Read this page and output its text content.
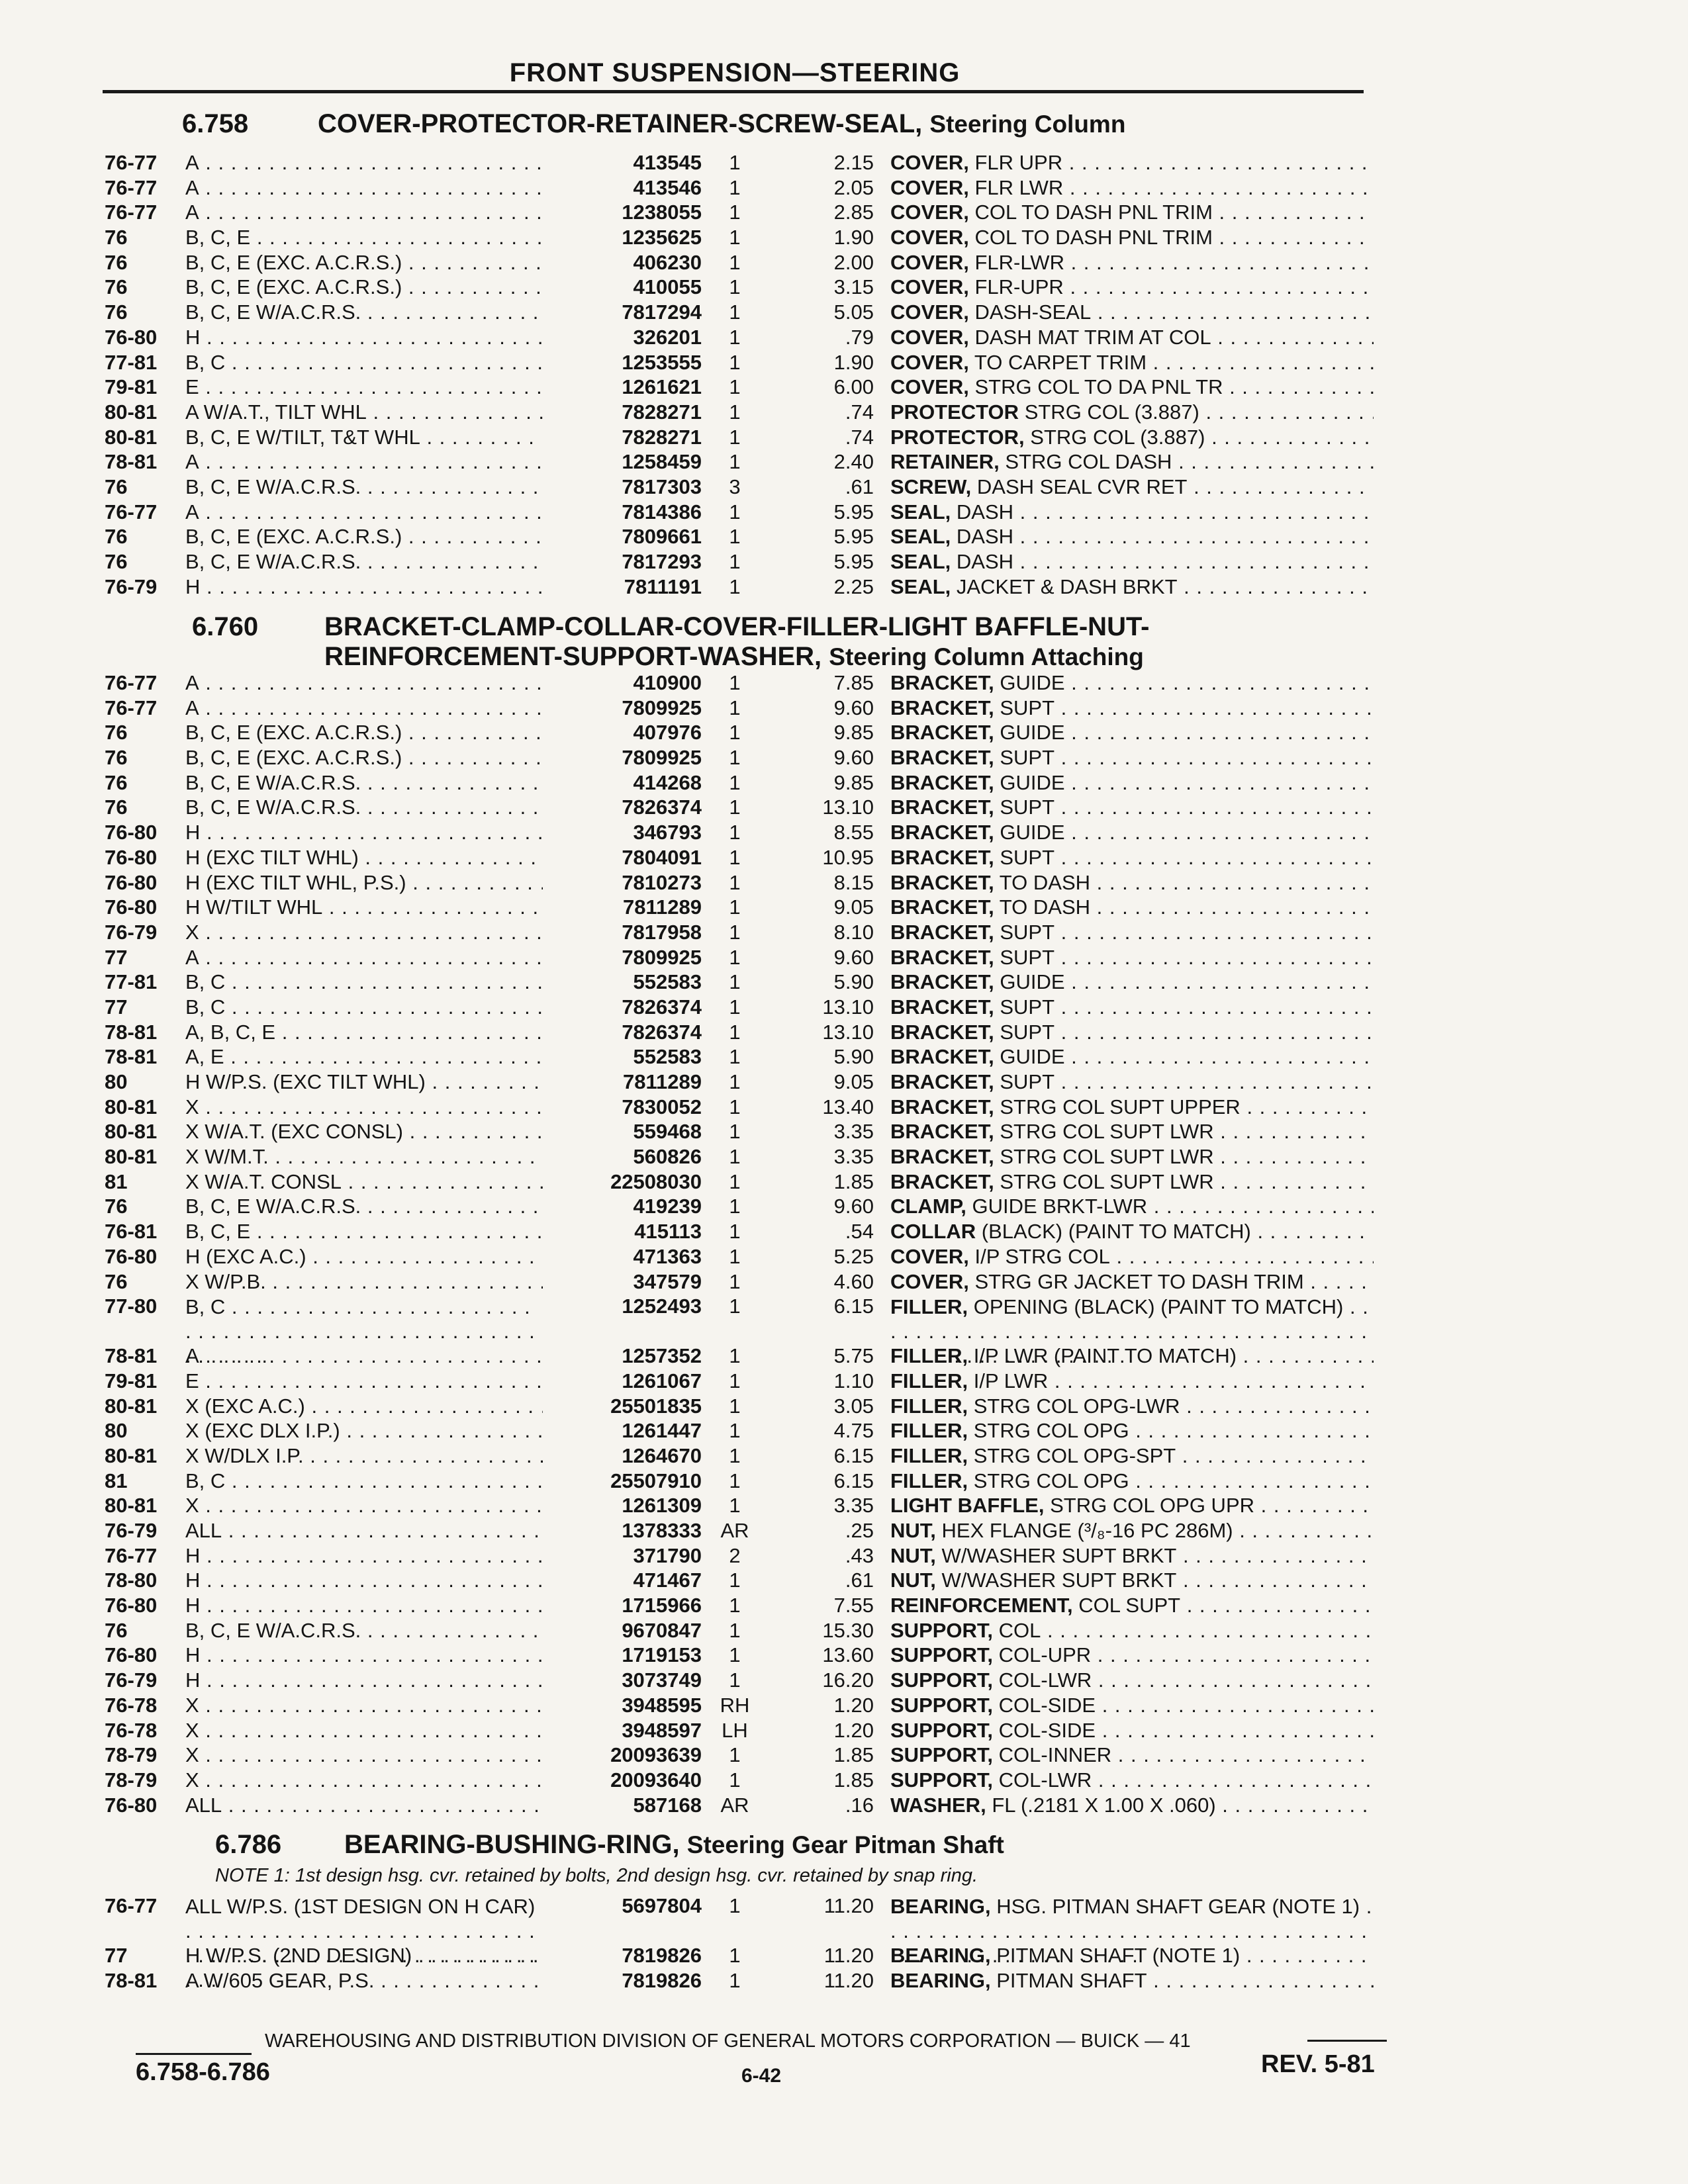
FRONT SUSPENSION—STEERING
6.758	COVER-PROTECTOR-RETAINER-SCREW-SEAL, Steering Column
76-77 A . . .	413545	1	2.15 COVER, FLR UPR . . .
76-77 A . . .	413546	1	2.05 COVER, FLR LWR . . .
76-77 A . . .	1238055	1	2.85 COVER, COL TO DASH PNL TRIM . . .
76	B, C, E . . .	1235625	1	1.90 COVER, COL TO DASH PNL TRIM . . .
76	B, C, E (EXC. A.C.R.S.) . . .	406230	1	2.00 COVER, FLR-LWR . . .
76	B, C, E (EXC. A.C.R.S.) . . .	410055	1	3.15 COVER, FLR-UPR . . .
76	B, C, E W/A.C.R.S. . . .	7817294	1	5.05 COVER, DASH-SEAL . . .
76-80 H . . .	326201	1	.79 COVER, DASH MAT TRIM AT COL . . .
77-81 B, C . . .	1253555	1	1.90 COVER, TO CARPET TRIM . . .
79-81 E . . .	1261621	1	6.00 COVER, STRG COL TO DA PNL TR . . .
80-81 A W/A.T., TILT WHL . . .	7828271	1	.74 PROTECTOR STRG COL (3.887) . . .
80-81 B, C, E W/TILT, T&T WHL . . .	7828271	1	.74 PROTECTOR, STRG COL (3.887) . . .
78-81 A . . .	1258459	1	2.40 RETAINER, STRG COL DASH . . .
76	B, C, E W/A.C.R.S. . . .	7817303	3	.61 SCREW, DASH SEAL CVR RET . . .
76-77 A . . .	7814386	1	5.95 SEAL, DASH . . .
76	B, C, E (EXC. A.C.R.S.) . . .	7809661	1	5.95 SEAL, DASH . . .
76	B, C, E W/A.C.R.S. . . .	7817293	1	5.95 SEAL, DASH . . .
76-79 H . . .	7811191	1	2.25 SEAL, JACKET & DASH BRKT . . .
6.760 BRACKET-CLAMP-COLLAR-COVER-FILLER-LIGHT BAFFLE-NUT-
REINFORCEMENT-SUPPORT-WASHER, Steering Column Attaching
76-77 A . . .	410900	1	7.85 BRACKET, GUIDE . . .
76-77 A . . .	7809925	1	9.60 BRACKET, SUPT . . .
76	B, C, E (EXC. A.C.R.S.) . . .	407976	1	9.85 BRACKET, GUIDE . . .
76	B, C, E (EXC. A.C.R.S.) . . .	7809925	1	9.60 BRACKET, SUPT . . .
76	B, C, E W/A.C.R.S. . . .	414268	1	9.85 BRACKET, GUIDE . . .
76	B, C, E W/A.C.R.S. . . .	7826374	1	13.10 BRACKET, SUPT . . .
76-80 H . . .	346793	1	8.55 BRACKET, GUIDE . . .
76-80 H (EXC TILT WHL) . . .	7804091	1	10.95 BRACKET, SUPT . . .
76-80 H (EXC TILT WHL, P.S.) . . .	7810273	1	8.15 BRACKET, TO DASH . . .
76-80 H W/TILT WHL . . .	7811289	1	9.05 BRACKET, TO DASH . . .
76-79 X . . .	7817958	1	8.10 BRACKET, SUPT . . .
77	A . . .	7809925	1	9.60 BRACKET, SUPT . . .
77-81 B, C . . .	552583	1	5.90 BRACKET, GUIDE . . .
77	B, C . . .	7826374	1	13.10 BRACKET, SUPT . . .
78-81 A, B, C, E . . .	7826374	1	13.10 BRACKET, SUPT . . .
78-81 A, E . . .	552583	1	5.90 BRACKET, GUIDE . . .
80	H W/P.S. (EXC TILT WHL) . . .	7811289	1	9.05 BRACKET, SUPT . . .
80-81 X . . .	7830052	1	13.40 BRACKET, STRG COL SUPT UPPER . . .
80-81 X W/A.T. (EXC CONSL) . . .	559468	1	3.35 BRACKET, STRG COL SUPT LWR . . .
80-81 X W/M.T. . . .	560826	1	3.35 BRACKET, STRG COL SUPT LWR . . .
81	X W/A.T. CONSL . . .	22508030	1	1.85 BRACKET, STRG COL SUPT LWR . . .
76	B, C, E W/A.C.R.S. . . .	419239	1	9.60 CLAMP, GUIDE BRKT-LWR . . .
76-81 B, C, E . . .	415113	1	.54 COLLAR (BLACK) (PAINT TO MATCH) . . .
76-80 H (EXC A.C.) . . .	471363	1	5.25 COVER, I/P STRG COL . . .
76	X W/P.B. . . .	347579	1	4.60 COVER, STRG GR JACKET TO DASH TRIM . . .
77-80 B, C . . .	1252493	1	6.15 FILLER, OPENING (BLACK) (PAINT TO MATCH) . . .
78-81 A . . .	1257352	1	5.75 FILLER, I/P LWR (PAINT TO MATCH) . . .
79-81 E . . .	1261067	1	1.10 FILLER, I/P LWR . . .
80-81 X (EXC A.C.) . . .	25501835	1	3.05 FILLER, STRG COL OPG-LWR . . .
80	X (EXC DLX I.P.) . . .	1261447	1	4.75 FILLER, STRG COL OPG . . .
80-81 X W/DLX I.P. . . .	1264670	1	6.15 FILLER, STRG COL OPG-SPT . . .
81	B, C . . .	25507910	1	6.15 FILLER, STRG COL OPG . . .
80-81 X . . .	1261309	1	3.35 LIGHT BAFFLE, STRG COL OPG UPR . . .
76-79 ALL . . .	1378333 AR	.25 NUT, HEX FLANGE (³/₈-16 PC 286M) . . .
76-77 H . . .	371790	2	.43 NUT, W/WASHER SUPT BRKT . . .
78-80 H . . .	471467	1	.61 NUT, W/WASHER SUPT BRKT . . .
76-80 H . . .	1715966	1	7.55 REINFORCEMENT, COL SUPT . . .
76	B, C, E W/A.C.R.S. . . .	9670847	1	15.30 SUPPORT, COL . . .
76-80 H . . .	1719153	1	13.60 SUPPORT, COL-UPR . . .
76-79 H . . .	3073749	1	16.20 SUPPORT, COL-LWR . . .
76-78 X . . .	3948595 RH	1.20 SUPPORT, COL-SIDE . . .
76-78 X . . .	3948597 LH	1.20 SUPPORT, COL-SIDE . . .
78-79 X . . .	20093639	1	1.85 SUPPORT, COL-INNER . . .
78-79 X . . .	20093640	1	1.85 SUPPORT, COL-LWR . . .
76-80 ALL . . .	587168 AR	.16 WASHER, FL (.2181 X 1.00 X .060) . . .
6.786 BEARING-BUSHING-RING, Steering Gear Pitman Shaft
NOTE 1: 1st design hsg. cvr. retained by bolts, 2nd design hsg. cvr. retained by snap ring.
76-77 ALL W/P.S. (1ST DESIGN ON H CAR) . . .	5697804	1	11.20 BEARING, HSG. PITMAN SHAFT GEAR (NOTE 1) . . .
77	H W/P.S. (2ND DESIGN) . . .	7819826	1	11.20 BEARING, PITMAN SHAFT (NOTE 1) . . .
78-81 A W/605 GEAR, P.S. . . .	7819826	1	11.20 BEARING, PITMAN SHAFT . . .
WAREHOUSING AND DISTRIBUTION DIVISION OF GENERAL MOTORS CORPORATION — BUICK — 41
6.758-6.786	6-42	REV. 5-81
